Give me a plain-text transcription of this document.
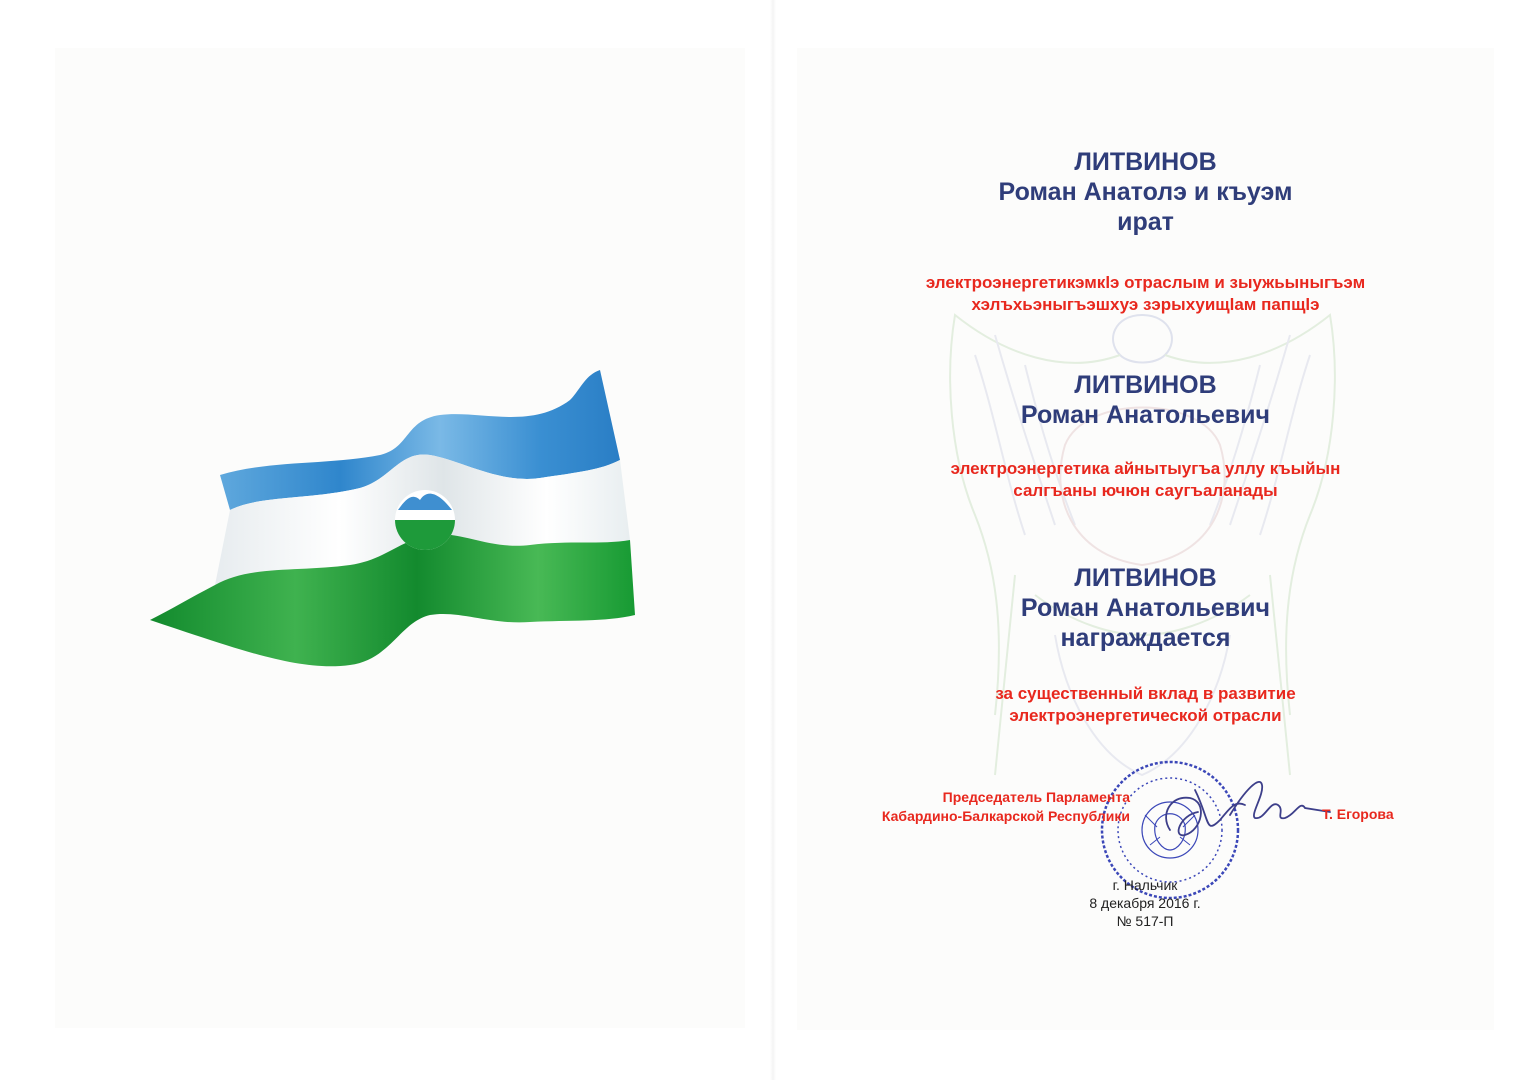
ЛИТВИНОВ

Роман Анатолэ и къуэм

ират

электроэнергетикэмкlэ отраслым и зыужьыныгъэм

хэлъхьэныгъэшхуэ зэрыхуищlам папщlэ

ЛИТВИНОВ

Роман Анатольевич

электроэнергетика айнытыугъа уллу къыйын

салгъаны ючюн саугъаланады

ЛИТВИНОВ

Роман Анатольевич

награждается

за существенный вклад в развитие

электроэнергетической отрасли

Председатель Парламента

Кабардино-Балкарской Республики	Т. Егорова

г. Нальчик

8 декабря 2016 г.

№ 517-П
